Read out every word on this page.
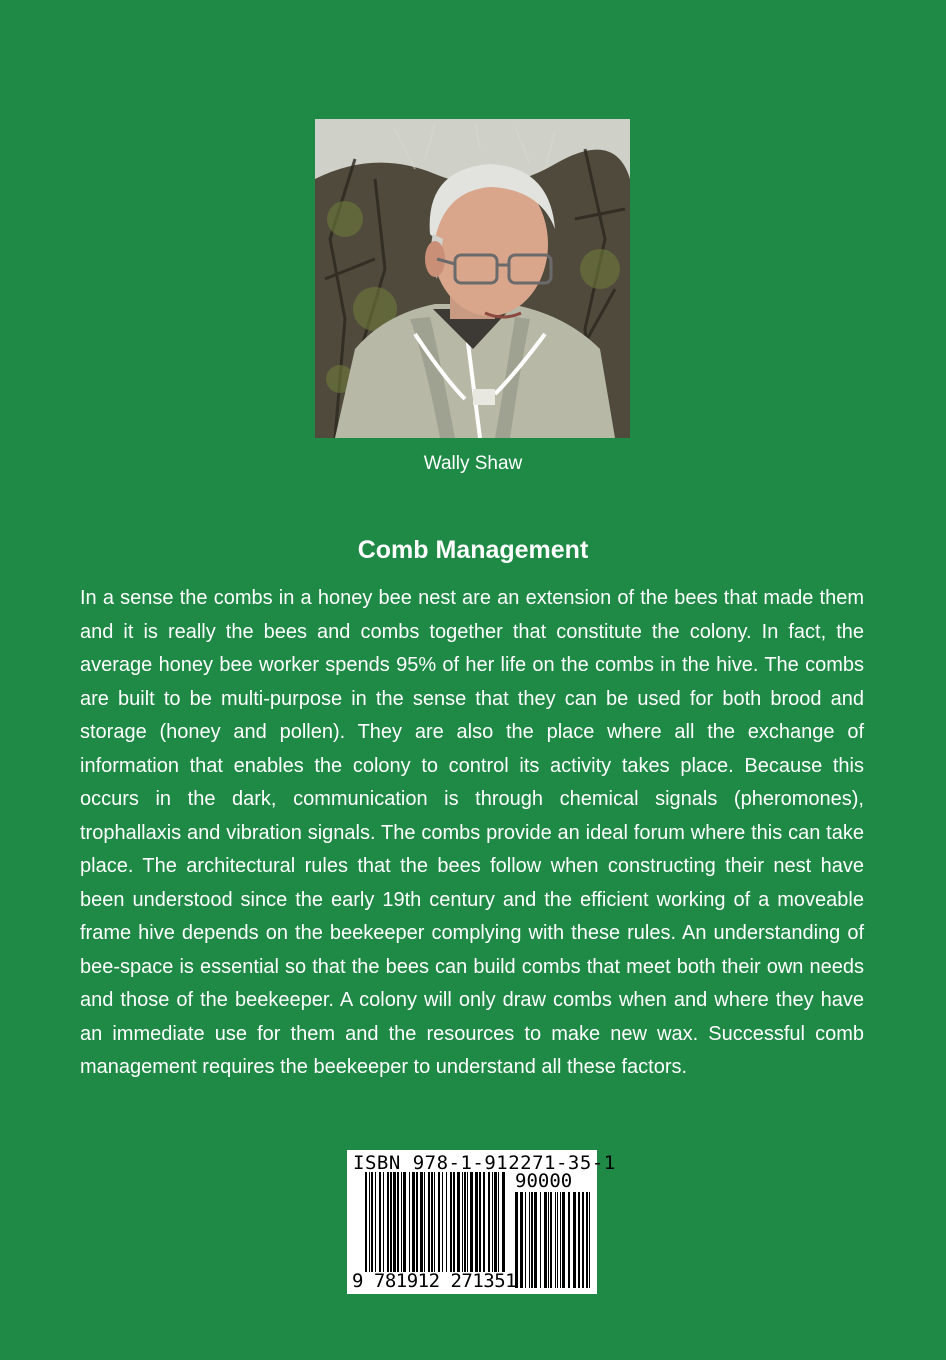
Wally Shaw
Comb Management

In a sense the combs in a honey bee nest are an extension of the bees that made them and it is really the bees and combs together that constitute the colony. In fact, the average honey bee worker spends 95% of her life on the combs in the hive. The combs are built to be multi-purpose in the sense that they can be used for both brood and storage (honey and pollen). They are also the place where all the exchange of information that enables the colony to control its activity takes place. Because this occurs in the dark, communication is through chemical signals (pheromones), trophallaxis and vibration signals. The combs provide an ideal forum where this can take place. The architectural rules that the bees follow when constructing their nest have been understood since the early 19th century and the efficient working of a moveable frame hive depends on the beekeeper complying with these rules. An understanding of bee-space is essential so that the bees can build combs that meet both their own needs and those of the beekeeper. A colony will only draw combs when and where they have an immediate use for them and the resources to make new wax. Successful comb management requires the beekeeper to understand all these factors.

ISBN 978-1-912271-35-1
90000
9 781912 271351
